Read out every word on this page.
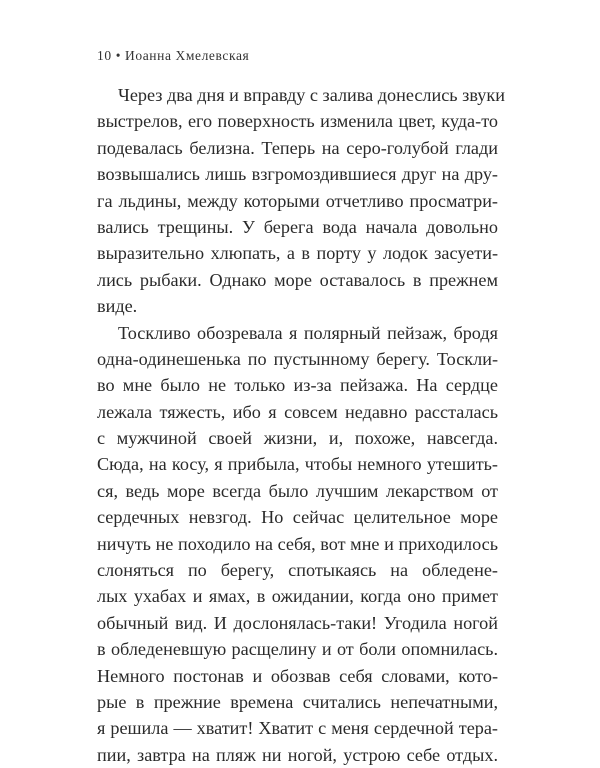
10 • Иоанна Хмелевская
Через два дня и вправду с залива донеслись звуки
выстрелов, его поверхность изменила цвет, куда-то
подевалась белизна. Теперь на серо-голубой глади
возвышались лишь взгромоздившиеся друг на дру-
га льдины, между которыми отчетливо просматри-
вались трещины. У берега вода начала довольно
выразительно хлюпать, а в порту у лодок засуети-
лись рыбаки. Однако море оставалось в прежнем
виде.
Тоскливо обозревала я полярный пейзаж, бродя
одна-одинешенька по пустынному берегу. Тоскли-
во мне было не только из-за пейзажа. На сердце
лежала тяжесть, ибо я совсем недавно рассталась
с мужчиной своей жизни, и, похоже, навсегда.
Сюда, на косу, я прибыла, чтобы немного утешить-
ся, ведь море всегда было лучшим лекарством от
сердечных невзгод. Но сейчас целительное море
ничуть не походило на себя, вот мне и приходилось
слоняться по берегу, спотыкаясь на обледене-
лых ухабах и ямах, в ожидании, когда оно примет
обычный вид. И дослонялась-таки! Угодила ногой
в обледеневшую расщелину и от боли опомнилась.
Немного постонав и обозвав себя словами, кото-
рые в прежние времена считались непечатными,
я решила — хватит! Хватит с меня сердечной тера-
пии, завтра на пляж ни ногой, устрою себе отдых.
